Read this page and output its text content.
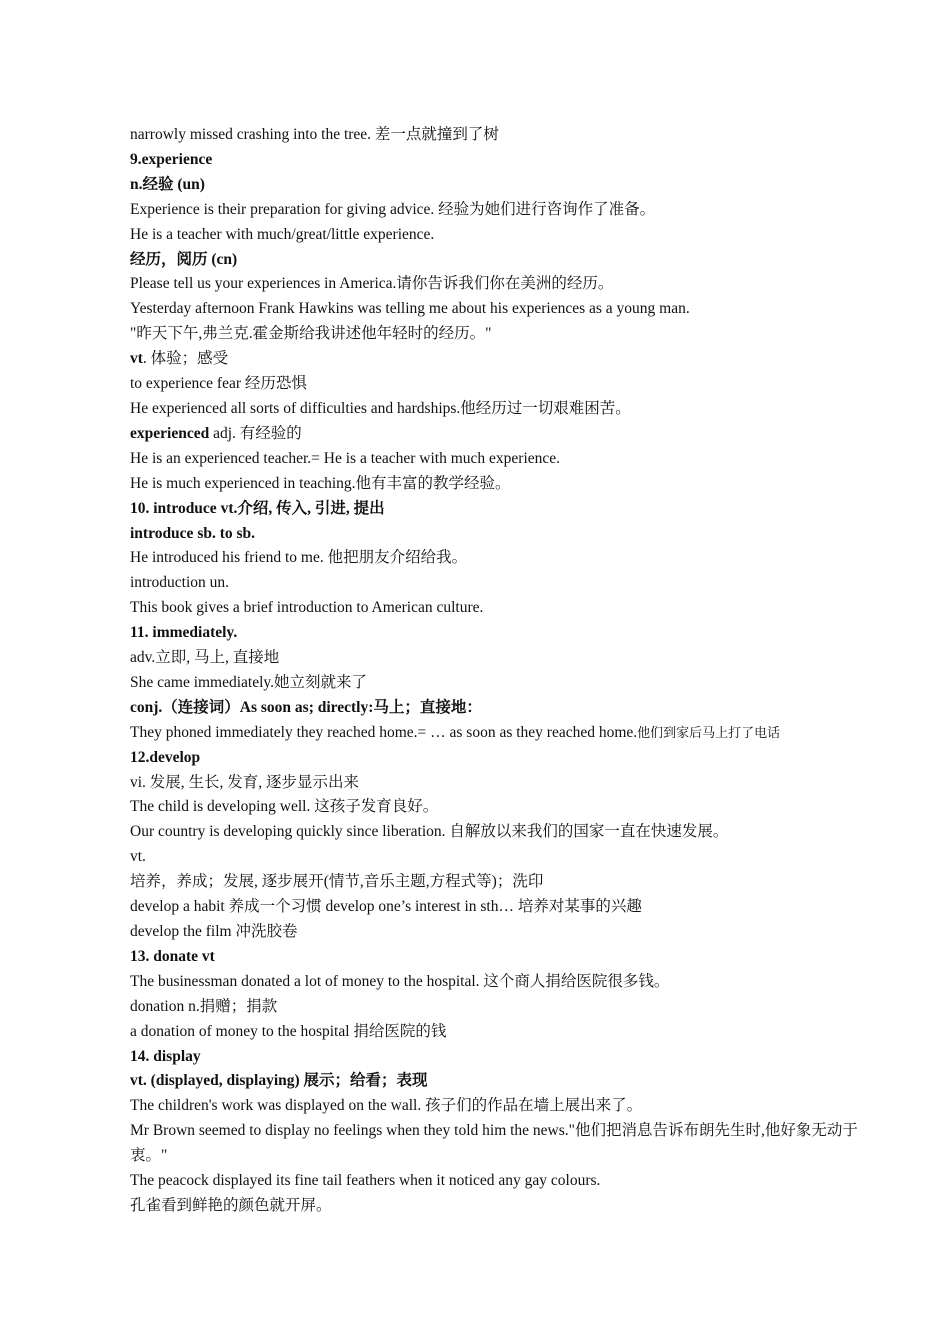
narrowly missed crashing into the tree. 差一点就撞到了树
9.experience
n.经验 (un)
Experience is their preparation for giving advice. 经验为她们进行咨询作了准备。
He is a teacher with much/great/little experience.
经历，阅历 (cn)
Please tell us your experiences in America.请你告诉我们你在美洲的经历。
Yesterday afternoon Frank Hawkins was telling me about his experiences as a young man.
"昨天下午,弗兰克.霍金斯给我讲述他年轻时的经历。"
vt. 体验；感受
to experience fear 经历恐惧
He experienced all sorts of difficulties and hardships.他经历过一切艰难困苦。
experienced adj. 有经验的
He is an experienced teacher.= He is a teacher with much experience.
He is much experienced in teaching.他有丰富的教学经验。
10. introduce vt.介绍, 传入, 引进, 提出
introduce sb. to sb.
He introduced his friend to me. 他把朋友介绍给我。
introduction un.
This book gives a brief introduction to American culture.
11. immediately.
adv.立即, 马上, 直接地
She came immediately.她立刻就来了
conj.（连接词）As soon as; directly:马上；直接地：
They phoned immediately they reached home.= … as soon as they reached home.他们到家后马上打了电话
12.develop
vi. 发展, 生长, 发育, 逐步显示出来
The child is developing well. 这孩子发育良好。
Our country is developing quickly since liberation. 自解放以来我们的国家一直在快速发展。
vt.
培养，养成；发展, 逐步展开(情节,音乐主题,方程式等)；洗印
develop a habit 养成一个习惯 develop one’s interest in sth… 培养对某事的兴趣
develop the film 冲洗胶卷
13. donate vt
The businessman donated a lot of money to the hospital. 这个商人捐给医院很多钱。
donation n.捐赠；捐款
a donation of money to the hospital 捐给医院的钱
14. display
vt. (displayed, displaying) 展示；给看；表现
The children's work was displayed on the wall. 孩子们的作品在墙上展出来了。
Mr Brown seemed to display no feelings when they told him the news."他们把消息告诉布朗先生时,他好象无动于衷。"
The peacock displayed its fine tail feathers when it noticed any gay colours.
孔雀看到鲜艳的颜色就开屏。
